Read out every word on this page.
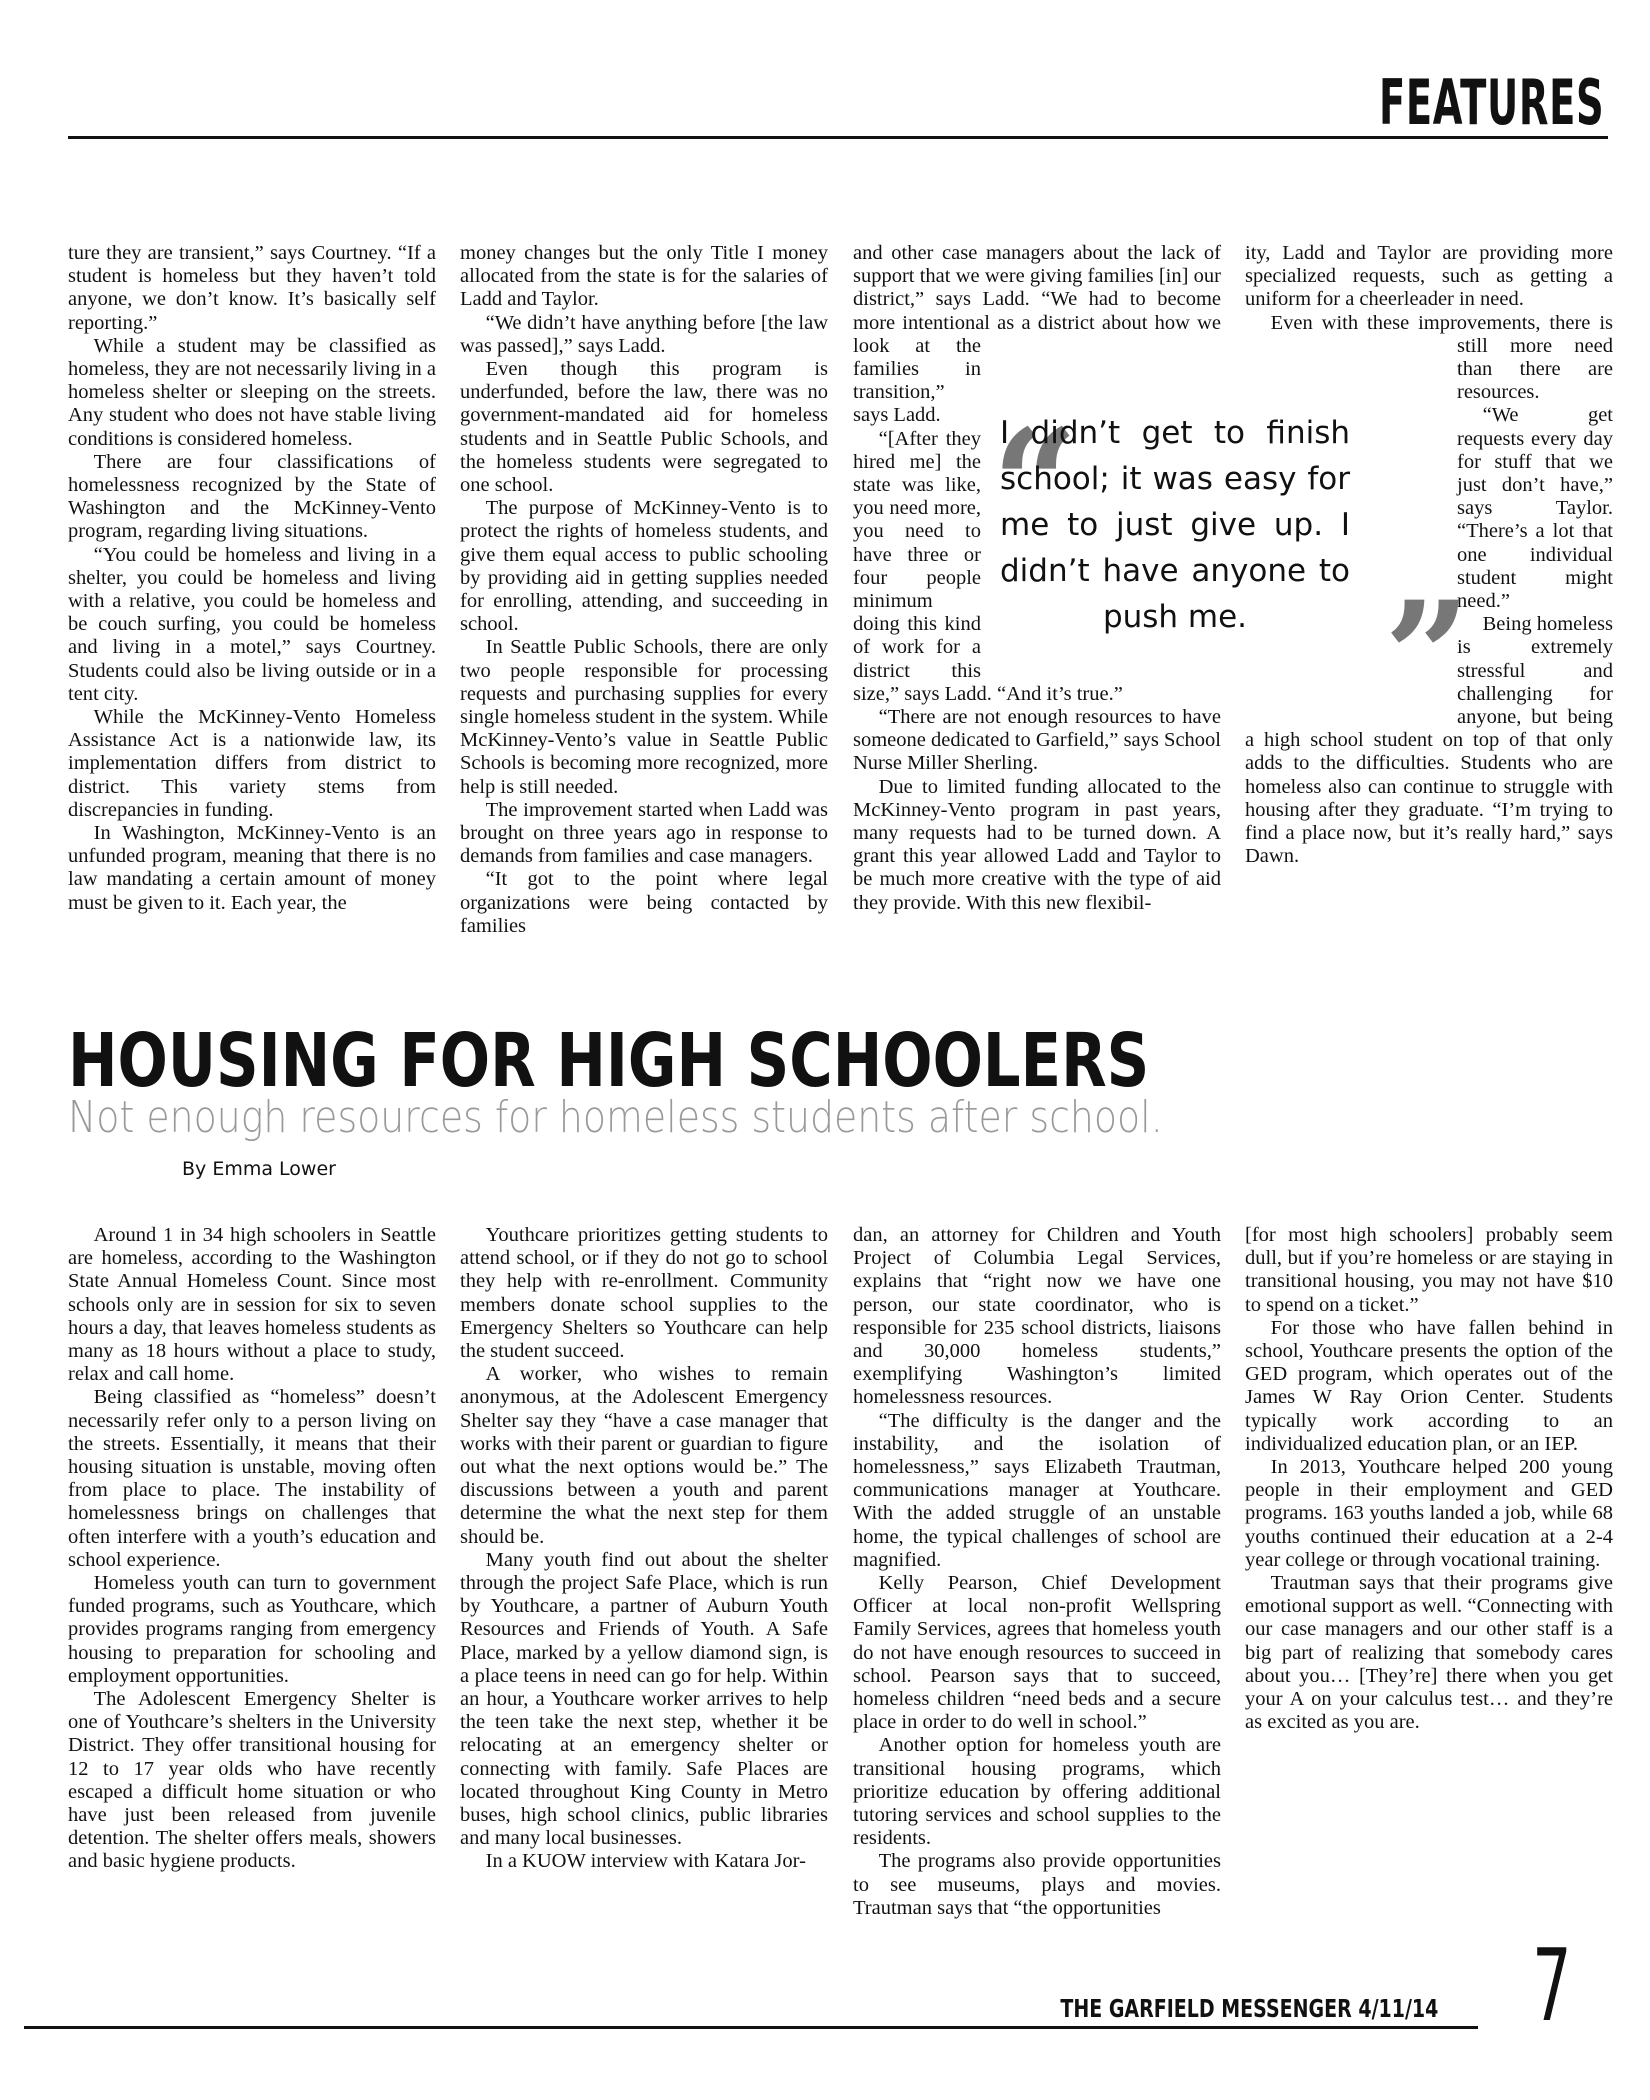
FEATURES

ture they are transient,” says Courtney. “If a student is homeless but they haven’t told anyone, we don’t know. It’s basically self reporting.”

While a student may be classified as homeless, they are not necessarily living in a homeless shelter or sleeping on the streets. Any student who does not have stable living conditions is considered homeless.

There are four classifications of homelessness recognized by the State of Washington and the McKinney-Vento program, regarding living situations.

“You could be homeless and living in a shelter, you could be homeless and living with a relative, you could be homeless and be couch surfing, you could be homeless and living in a motel,” says Courtney. Students could also be living outside or in a tent city.

While the McKinney-Vento Homeless Assistance Act is a nationwide law, its implementation differs from district to district. This variety stems from discrepancies in funding.

In Washington, McKinney-Vento is an unfunded program, meaning that there is no law mandating a certain amount of money must be given to it. Each year, the

money changes but the only Title I money allocated from the state is for the salaries of Ladd and Taylor.

“We didn’t have anything before [the law was passed],” says Ladd.

Even though this program is underfunded, before the law, there was no government-mandated aid for homeless students and in Seattle Public Schools, and the homeless students were segregated to one school.

The purpose of McKinney-Vento is to protect the rights of homeless students, and give them equal access to public schooling by providing aid in getting supplies needed for enrolling, attending, and succeeding in school.

In Seattle Public Schools, there are only two people responsible for processing requests and purchasing supplies for every single homeless student in the system. While McKinney-Vento’s value in Seattle Public Schools is becoming more recognized, more help is still needed.

The improvement started when Ladd was brought on three years ago in response to demands from families and case managers.

“It got to the point where legal organizations were being contacted by families

and other case managers about the lack of support that we were giving families [in] our district,” says Ladd. “We had to become more intentional as a district about how we look at the families in transition,” says Ladd.

“[After they hired me] the state was like, you need more, you need to have three or four people minimum doing this kind of work for a district this size,” says Ladd. “And it’s true.”

“There are not enough resources to have someone dedicated to Garfield,” says School Nurse Miller Sherling.

Due to limited funding allocated to the McKinney-Vento program in past years, many requests had to be turned down. A grant this year allowed Ladd and Taylor to be much more creative with the type of aid they provide. With this new flexibil-

ity, Ladd and Taylor are providing more specialized requests, such as getting a uniform for a cheerleader in need.

Even with these improvements, there is still more need than there are resources.

“We get requests every day for stuff that we just don’t have,” says Taylor. “There’s a lot that one individual student might need.”

Being homeless is extremely stressful and challenging for anyone, but being a high school student on top of that only adds to the difficulties. Students who are homeless also can continue to struggle with housing after they graduate. “I’m trying to find a place now, but it’s really hard,” says Dawn.

“
I didn’t get to finish school; it was easy for me to just give up. I didn’t have anyone to push me. ”
HOUSING FOR HIGH SCHOOLERS
Not enough resources for homeless students after school.
By Emma Lower

Around 1 in 34 high schoolers in Seattle are homeless, according to the Washington State Annual Homeless Count. Since most schools only are in session for six to seven hours a day, that leaves homeless students as many as 18 hours without a place to study, relax and call home.

Being classified as “homeless” doesn’t necessarily refer only to a person living on the streets. Essentially, it means that their housing situation is unstable, moving often from place to place. The instability of homelessness brings on challenges that often interfere with a youth’s education and school experience.

Homeless youth can turn to government funded programs, such as Youthcare, which provides programs ranging from emergency housing to preparation for schooling and employment opportunities.

The Adolescent Emergency Shelter is one of Youthcare’s shelters in the University District. They offer transitional housing for 12 to 17 year olds who have recently escaped a difficult home situation or who have just been released from juvenile detention. The shelter offers meals, showers and basic hygiene products.

Youthcare prioritizes getting students to attend school, or if they do not go to school they help with re-enrollment. Community members donate school supplies to the Emergency Shelters so Youthcare can help the student succeed.

A worker, who wishes to remain anonymous, at the Adolescent Emergency Shelter say they “have a case manager that works with their parent or guardian to figure out what the next options would be.” The discussions between a youth and parent determine the what the next step for them should be.

Many youth find out about the shelter through the project Safe Place, which is run by Youthcare, a partner of Auburn Youth Resources and Friends of Youth. A Safe Place, marked by a yellow diamond sign, is a place teens in need can go for help. Within an hour, a Youthcare worker arrives to help the teen take the next step, whether it be relocating at an emergency shelter or connecting with family. Safe Places are located throughout King County in Metro buses, high school clinics, public libraries and many local businesses.

In a KUOW interview with Katara Jor-

dan, an attorney for Children and Youth Project of Columbia Legal Services, explains that “right now we have one person, our state coordinator, who is responsible for 235 school districts, liaisons and 30,000 homeless students,” exemplifying Washington’s limited homelessness resources.

“The difficulty is the danger and the instability, and the isolation of homelessness,” says Elizabeth Trautman, communications manager at Youthcare. With the added struggle of an unstable home, the typical challenges of school are magnified.

Kelly Pearson, Chief Development Officer at local non-profit Wellspring Family Services, agrees that homeless youth do not have enough resources to succeed in school. Pearson says that to succeed, homeless children “need beds and a secure place in order to do well in school.”

Another option for homeless youth are transitional housing programs, which prioritize education by offering additional tutoring services and school supplies to the residents.

The programs also provide opportunities to see museums, plays and movies. Trautman says that “the opportunities

[for most high schoolers] probably seem dull, but if you’re homeless or are staying in transitional housing, you may not have $10 to spend on a ticket.”

For those who have fallen behind in school, Youthcare presents the option of the GED program, which operates out of the James W Ray Orion Center. Students typically work according to an individualized education plan, or an IEP.

In 2013, Youthcare helped 200 young people in their employment and GED programs. 163 youths landed a job, while 68 youths continued their education at a 2-4 year college or through vocational training.

Trautman says that their programs give emotional support as well. “Connecting with our case managers and our other staff is a big part of realizing that somebody cares about you… [They’re] there when you get your A on your calculus test… and they’re as excited as you are.

THE GARFIELD MESSENGER 4/11/14 7
